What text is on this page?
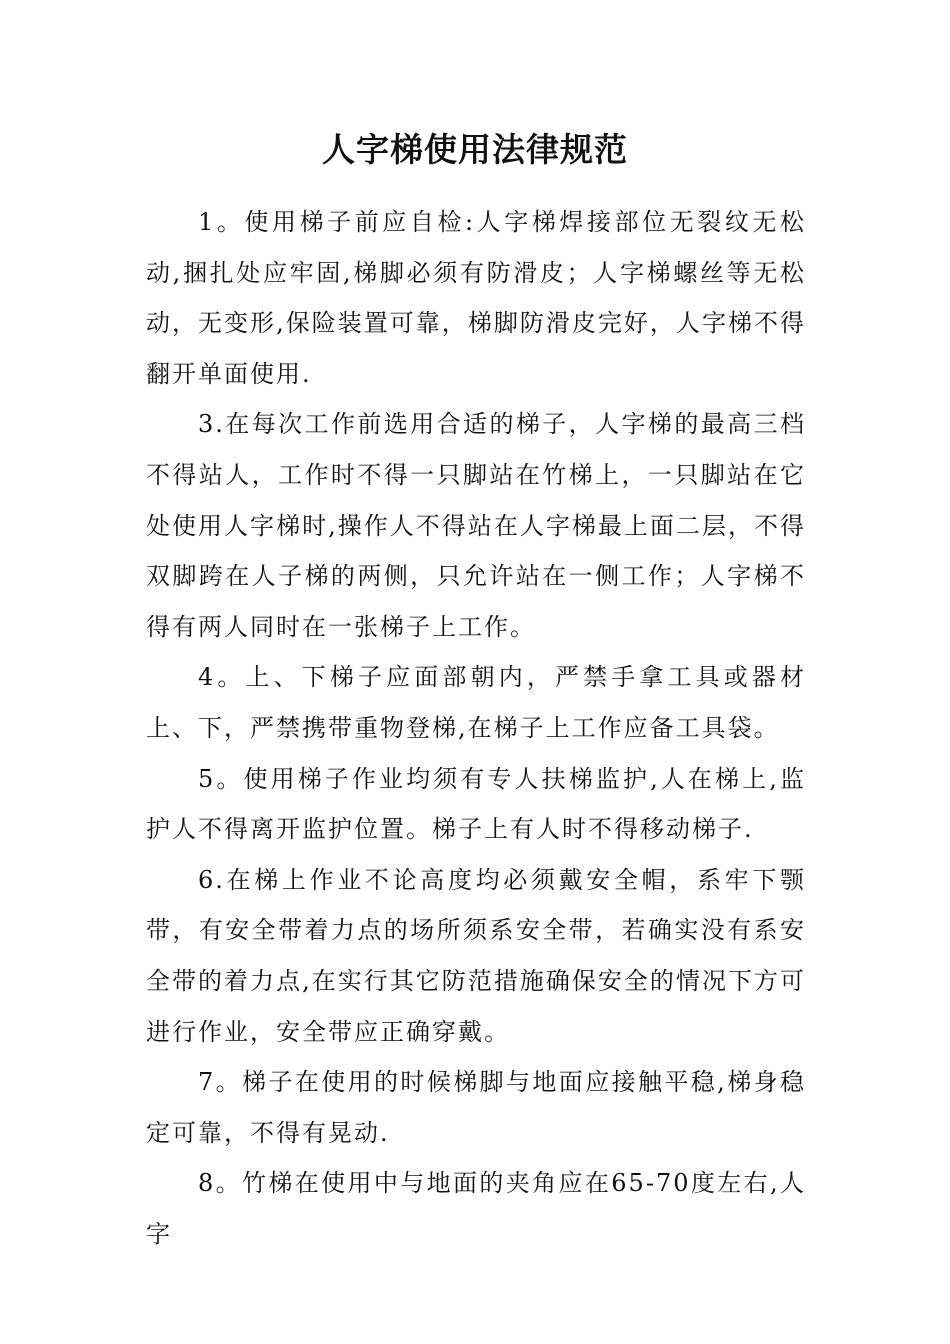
人字梯使用法律规范

1。使用梯子前应自检:人字梯焊接部位无裂纹无松动,捆扎处应牢固,梯脚必须有防滑皮；人字梯螺丝等无松动，无变形,保险装置可靠，梯脚防滑皮完好，人字梯不得翻开单面使用.

3.在每次工作前选用合适的梯子，人字梯的最高三档不得站人，工作时不得一只脚站在竹梯上，一只脚站在它处使用人字梯时,操作人不得站在人字梯最上面二层，不得双脚跨在人子梯的两侧，只允许站在一侧工作；人字梯不得有两人同时在一张梯子上工作。

4。上、下梯子应面部朝内，严禁手拿工具或器材上、下，严禁携带重物登梯,在梯子上工作应备工具袋。

5。使用梯子作业均须有专人扶梯监护,人在梯上,监护人不得离开监护位置。梯子上有人时不得移动梯子.

6.在梯上作业不论高度均必须戴安全帽，系牢下颚带，有安全带着力点的场所须系安全带，若确实没有系安全带的着力点,在实行其它防范措施确保安全的情况下方可进行作业，安全带应正确穿戴。

7。梯子在使用的时候梯脚与地面应接触平稳,梯身稳定可靠，不得有晃动.

8。竹梯在使用中与地面的夹角应在65-70度左右,人字
